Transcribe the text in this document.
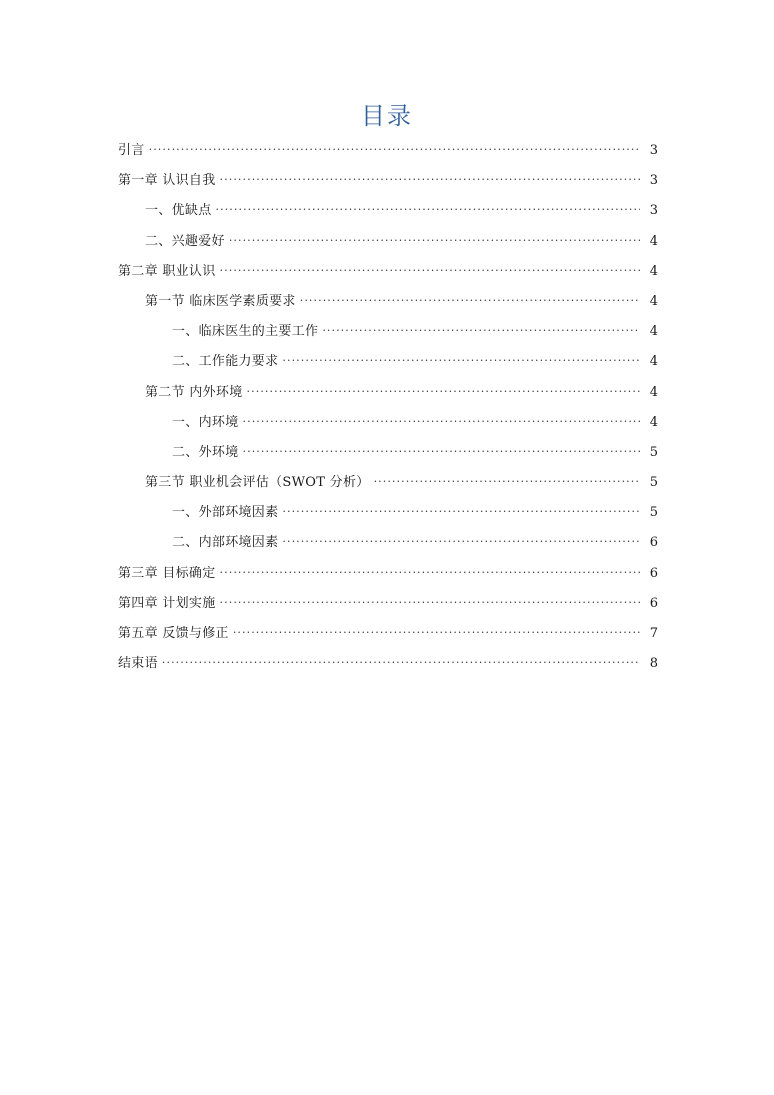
目录
引言 . . .	3
第一章 认识自我 . . .	3
一、优缺点 . . .	3
二、兴趣爱好 . . .	4
第二章 职业认识 . . .	4
第一节 临床医学素质要求 . . .	4
一、临床医生的主要工作 . . .	4
二、工作能力要求 . . .	4
第二节 内外环境 . . .	4
一、内环境 . . .	4
二、外环境 . . .	5
第三节 职业机会评估（SWOT 分析） . . .	5
一、外部环境因素 . . .	5
二、内部环境因素 . . .	6
第三章 目标确定 . . .	6
第四章 计划实施 . . .	6
第五章 反馈与修正 . . .	7
结束语 . . .	8
